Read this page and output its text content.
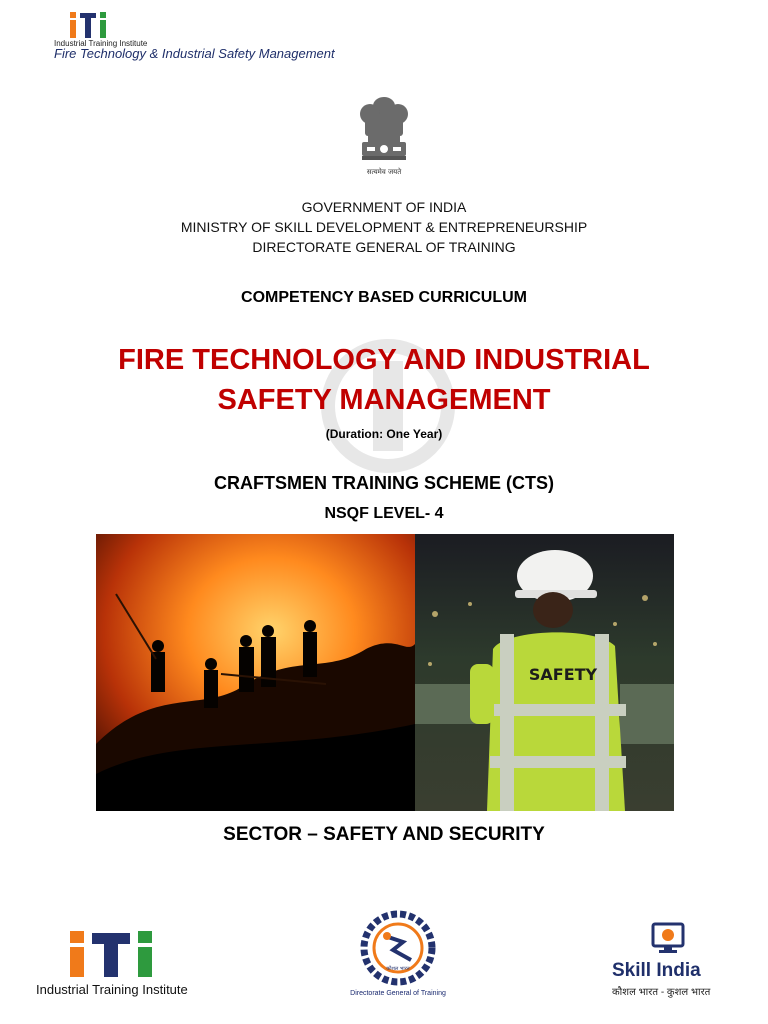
Industrial Training Institute
Fire Technology & Industrial Safety Management
सत्यमेव जयते
GOVERNMENT OF INDIA
MINISTRY OF SKILL DEVELOPMENT & ENTREPRENEURSHIP
DIRECTORATE GENERAL OF TRAINING
COMPETENCY BASED CURRICULUM
FIRE TECHNOLOGY AND INDUSTRIAL
SAFETY MANAGEMENT
(Duration: One Year)
CRAFTSMEN TRAINING SCHEME (CTS)
NSQF LEVEL- 4
SAFETY
SECTOR – SAFETY AND SECURITY
Industrial Training Institute
कौशल भारत
Directorate General of Training
Skill India
कौशल भारत - कुशल भारत
